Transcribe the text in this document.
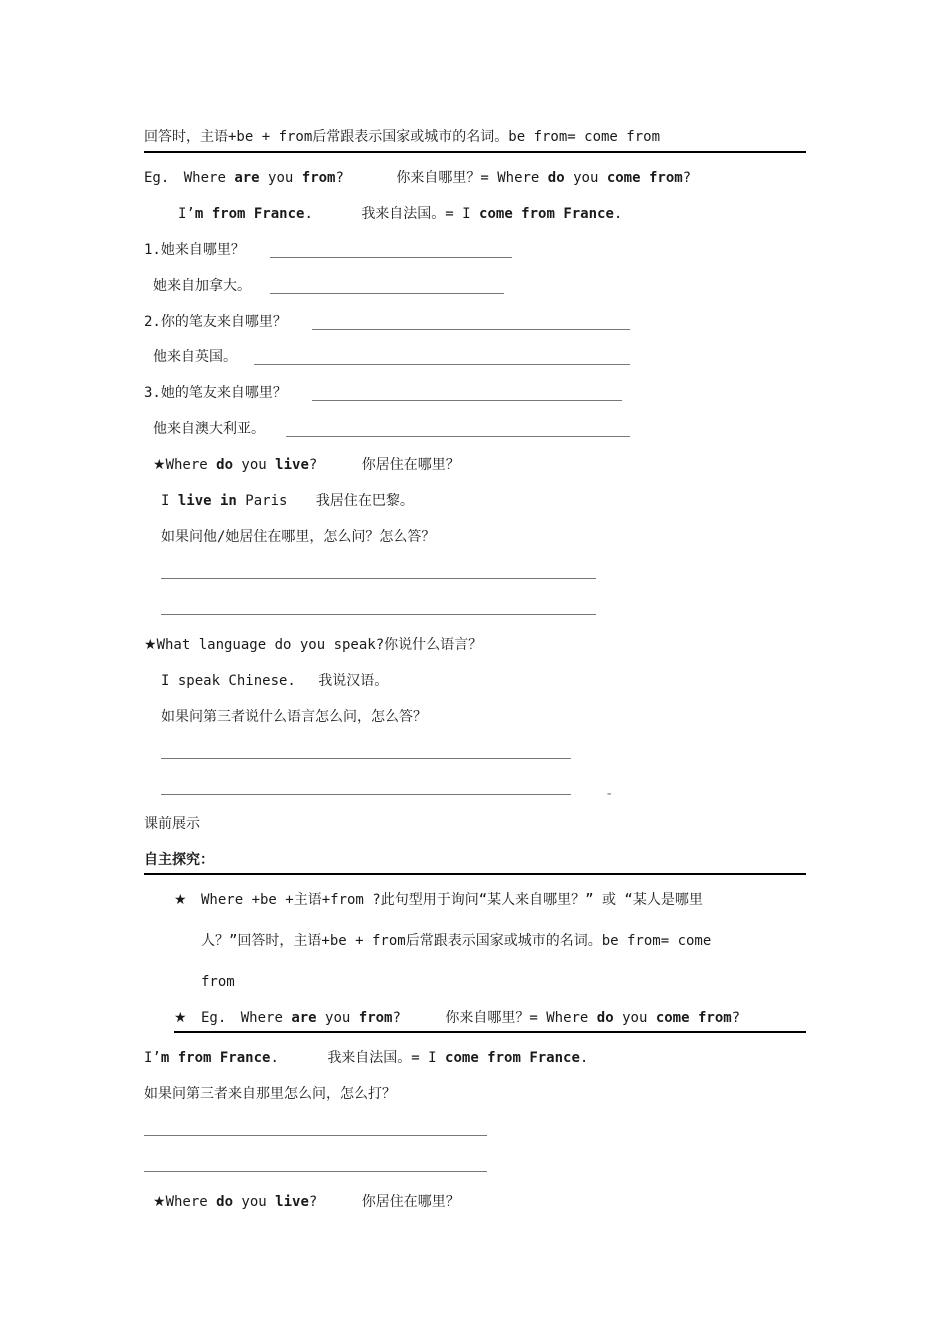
回答时，主语+be + from后常跟表示国家或城市的名词。be from= come from
Eg. Where are you from?	你来自哪里？= Where do you come from?
I’m from France.	我来自法国。= I come from France.
1.她来自哪里？
她来自加拿大。
2.你的笔友来自哪里？
他来自英国。
3.她的笔友来自哪里？
他来自澳大利亚。
★Where do you live?	你居住在哪里？
I live in Paris 我居住在巴黎。
如果问他/她居住在哪里，怎么问？怎么答？
★What language do you speak?你说什么语言？
I speak Chinese. 我说汉语。
如果问第三者说什么语言怎么问，怎么答？
-
课前展示
自主探究：
★ Where +be +主语+from ?此句型用于询问“某人来自哪里？” 或 “某人是哪里
人？”回答时，主语+be + from后常跟表示国家或城市的名词。be from= come
from
★ Eg. Where are you from?	你来自哪里？= Where do you come from?
I’m from France.	我来自法国。= I come from France.
如果问第三者来自那里怎么问，怎么打？
★Where do you live?	你居住在哪里？
